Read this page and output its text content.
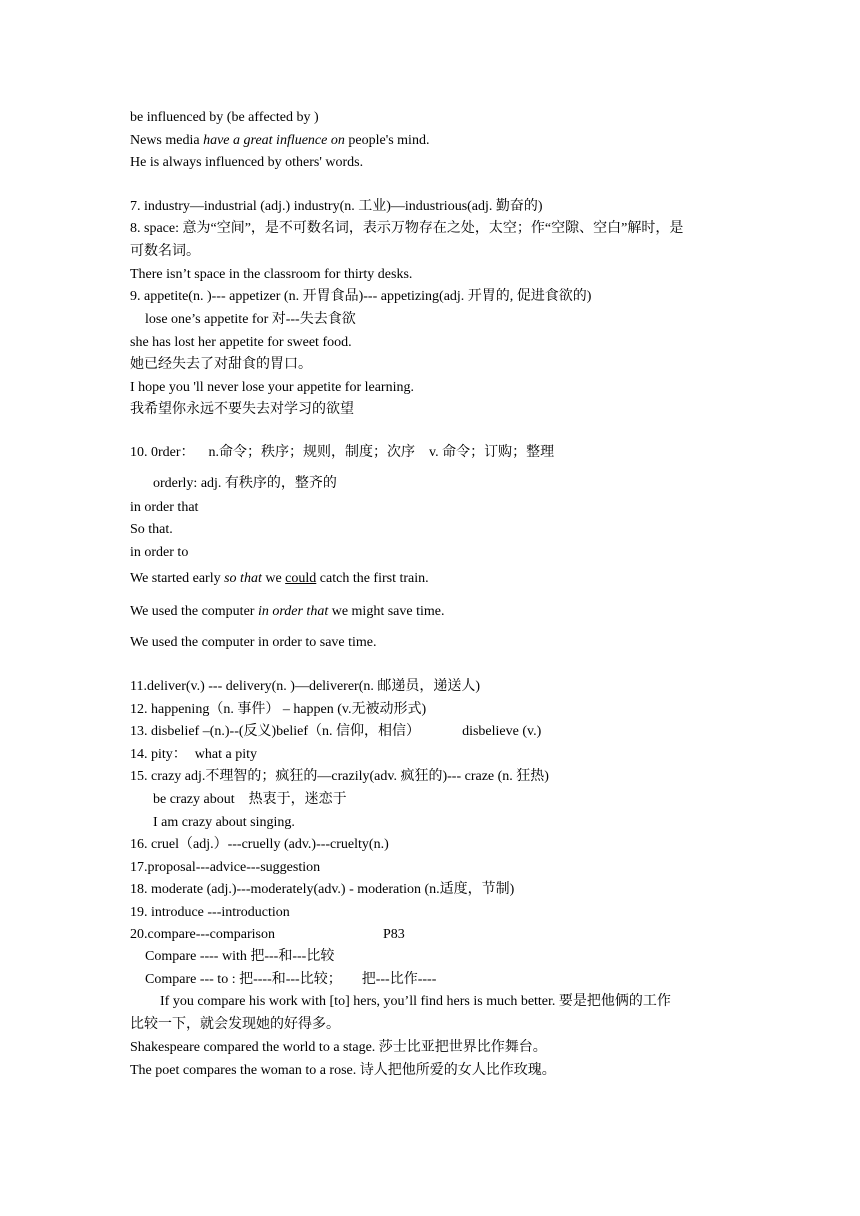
be influenced by (be affected by )
News media have a great influence on people's mind.
He is always influenced by others' words.
7. industry—industrial (adj.) industry(n. 工业)—industrious(adj. 勤奋的)
8. space: 意为“空间”，是不可数名词，表示万物存在之处，太空；作“空隙、空白”解时，是
可数名词。
There isn’t space in the classroom for thirty desks.
9. appetite(n. )--- appetizer (n. 开胃食品)--- appetizing(adj. 开胃的, 促进食欲的)
lose one’s appetite for 对---失去食欲
she has lost her appetite for sweet food.
她已经失去了对甜食的胃口。
I hope you 'll never lose your appetite for learning.
我希望你永远不要失去对学习的欲望
10. 0rder： n.命令；秩序；规则，制度；次序 v. 命令；订购；整理
orderly: adj. 有秩序的，整齐的
in order that
So that.
in order to
We started early so that we could catch the first train.
We used the computer in order that we might save time.
We used the computer in order to save time.
11.deliver(v.) --- delivery(n. )—deliverer(n. 邮递员，递送人)
12. happening（n. 事件） – happen (v.无被动形式)
13. disbelief –(n.)--(反义)belief（n. 信仰，相信）	disbelieve (v.)
14. pity： what a pity
15. crazy adj.不理智的；疯狂的—crazily(adv. 疯狂的)--- craze (n. 狂热)
be crazy about 热衷于，迷恋于
I am crazy about singing.
16. cruel（adj.）---cruelly (adv.)---cruelty(n.)
17.proposal---advice---suggestion
18. moderate (adj.)---moderately(adv.) - moderation (n.适度，节制)
19. introduce ---introduction
20.compare---comparison	P83
Compare ---- with 把---和---比较
Compare --- to : 把----和---比较； 把---比作----
If you compare his work with [to] hers, you’ll find hers is much better. 要是把他俩的工作
比较一下，就会发现她的好得多。
Shakespeare compared the world to a stage. 莎士比亚把世界比作舞台。
The poet compares the woman to a rose. 诗人把他所爱的女人比作玫瑰。
